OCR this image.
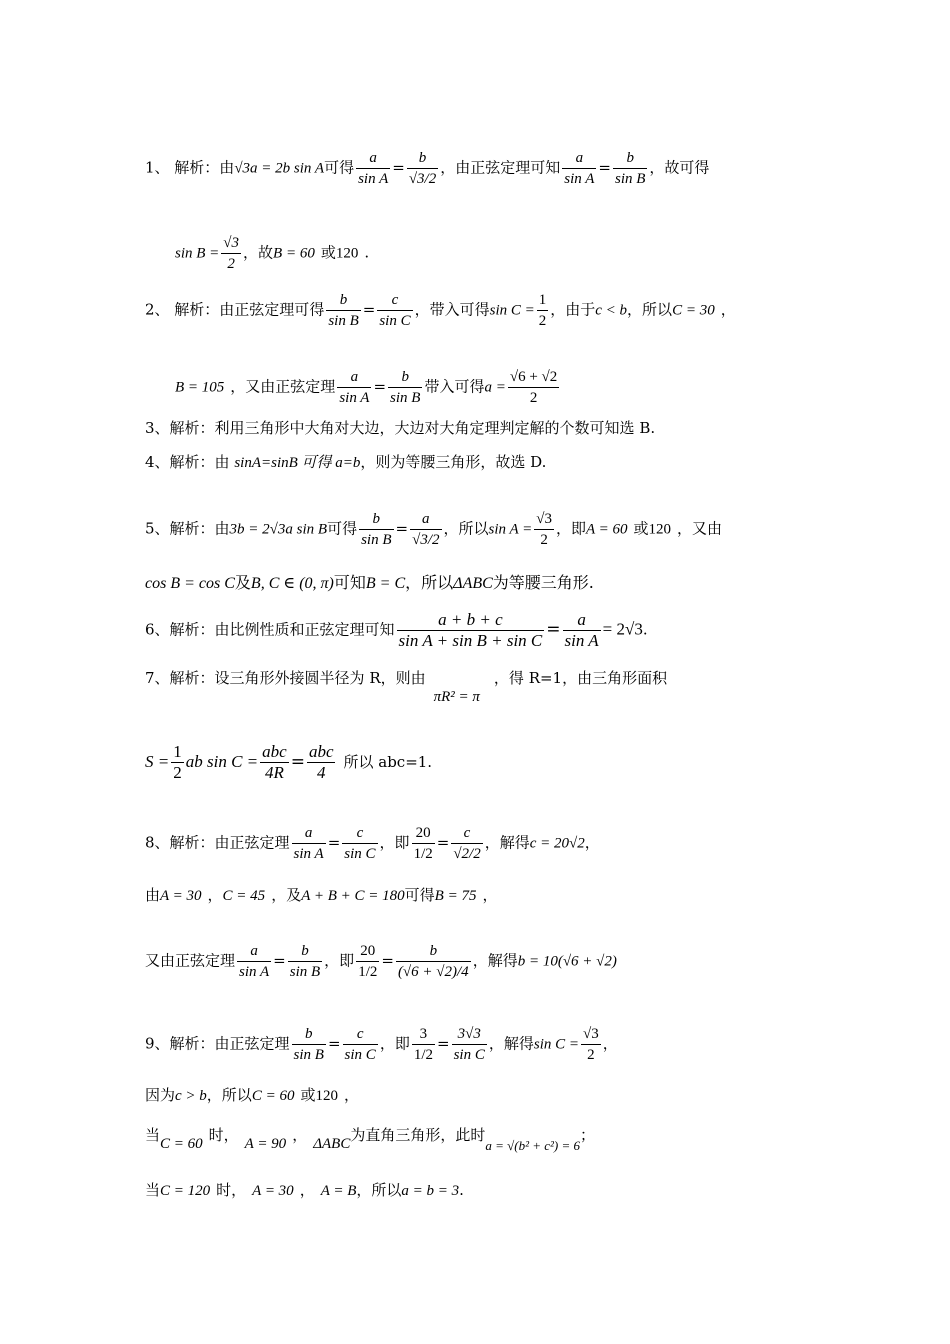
1、 解析：由√3a = 2b sin A可得 $\frac{a}{\text{sin A}} = \frac{b}{√3/2}$ ，由正弦定理可知 $\frac{a}{\text{sin A}} = \frac{b}{\text{sin B}}$ ，故可得
$\sin B = \frac{√3}{2}$ ，故B = 60 或120 .
2、 解析：由正弦定理可得 $\frac{b}{\text{sin B}} = \frac{c}{\text{sin C}}$ ，带入可得$\sin C = \frac{1}{2}$ ，由于c < b，所以C = 30 ，
B = 105 ，又由正弦定理 $\frac{a}{\text{sin A}} = \frac{b}{\text{sin B}}$ 带入可得$a = \frac{√6 + √2}{2}$
3、解析：利用三角形中大角对大边，大边对大角定理判定解的个数可知选 B.
4、解析：由 sinA=sinB 可得 a=b，则为等腰三角形，故选 D.
5、解析：由3b = 2√3a sin B可得 $\frac{b}{\text{sin B}} = \frac{a}{√3/2}$ ，所以$\sin A = \frac{√3}{2}$ ，即A = 60 或120 ，又由
cos B = cos C及B, C ∈ (0, π)可知B = C，所以ΔABC为等腰三角形.
6、解析：由比例性质和正弦定理可知 $\frac{a + b + c}{\text{sin A + sin B + sin C}} = \frac{a}{\text{sin A}} = 2√3$.
7、解析：设三角形外接圆半径为 R，则由πR² = π，得 R=1，由三角形面积
$S = \frac{1}{2}$ ab $\sin C = \frac{\text{abc}}{4R} = \frac{\text{abc}}{4}$ 所以 abc=1.
8、解析：由正弦定理 $\frac{a}{\text{sin A}} = \frac{c}{\text{sin C}}$ ，即 $\frac{20}{1/2} = \frac{c}{√2/2}$ ，解得c = 20√2，
由A = 30 ，C = 45 ，及A + B + C = 180可得B = 75 ，
又由正弦定理 $\frac{a}{\text{sin A}} = \frac{b}{\text{sin B}}$ ，即 $\frac{20}{1/2} = \frac{b}{(√6 + √2)/4}$ ，解得b = 10(√6 + √2)
9、解析：由正弦定理 $\frac{b}{\text{sin B}} = \frac{c}{\text{sin C}}$ ，即 $\frac{3}{1/2} = \frac{3√3}{\text{sin C}}$ ，解得$\sin C = \frac{√3}{2}$ ，
因为c > b，所以C = 60 或120 ，
当C = 60 时， A = 90 ， ΔABC为直角三角形，此时a = √(b² + c²) = 6；
当C = 120 时， A = 30 ， A = B，所以a = b = 3.
